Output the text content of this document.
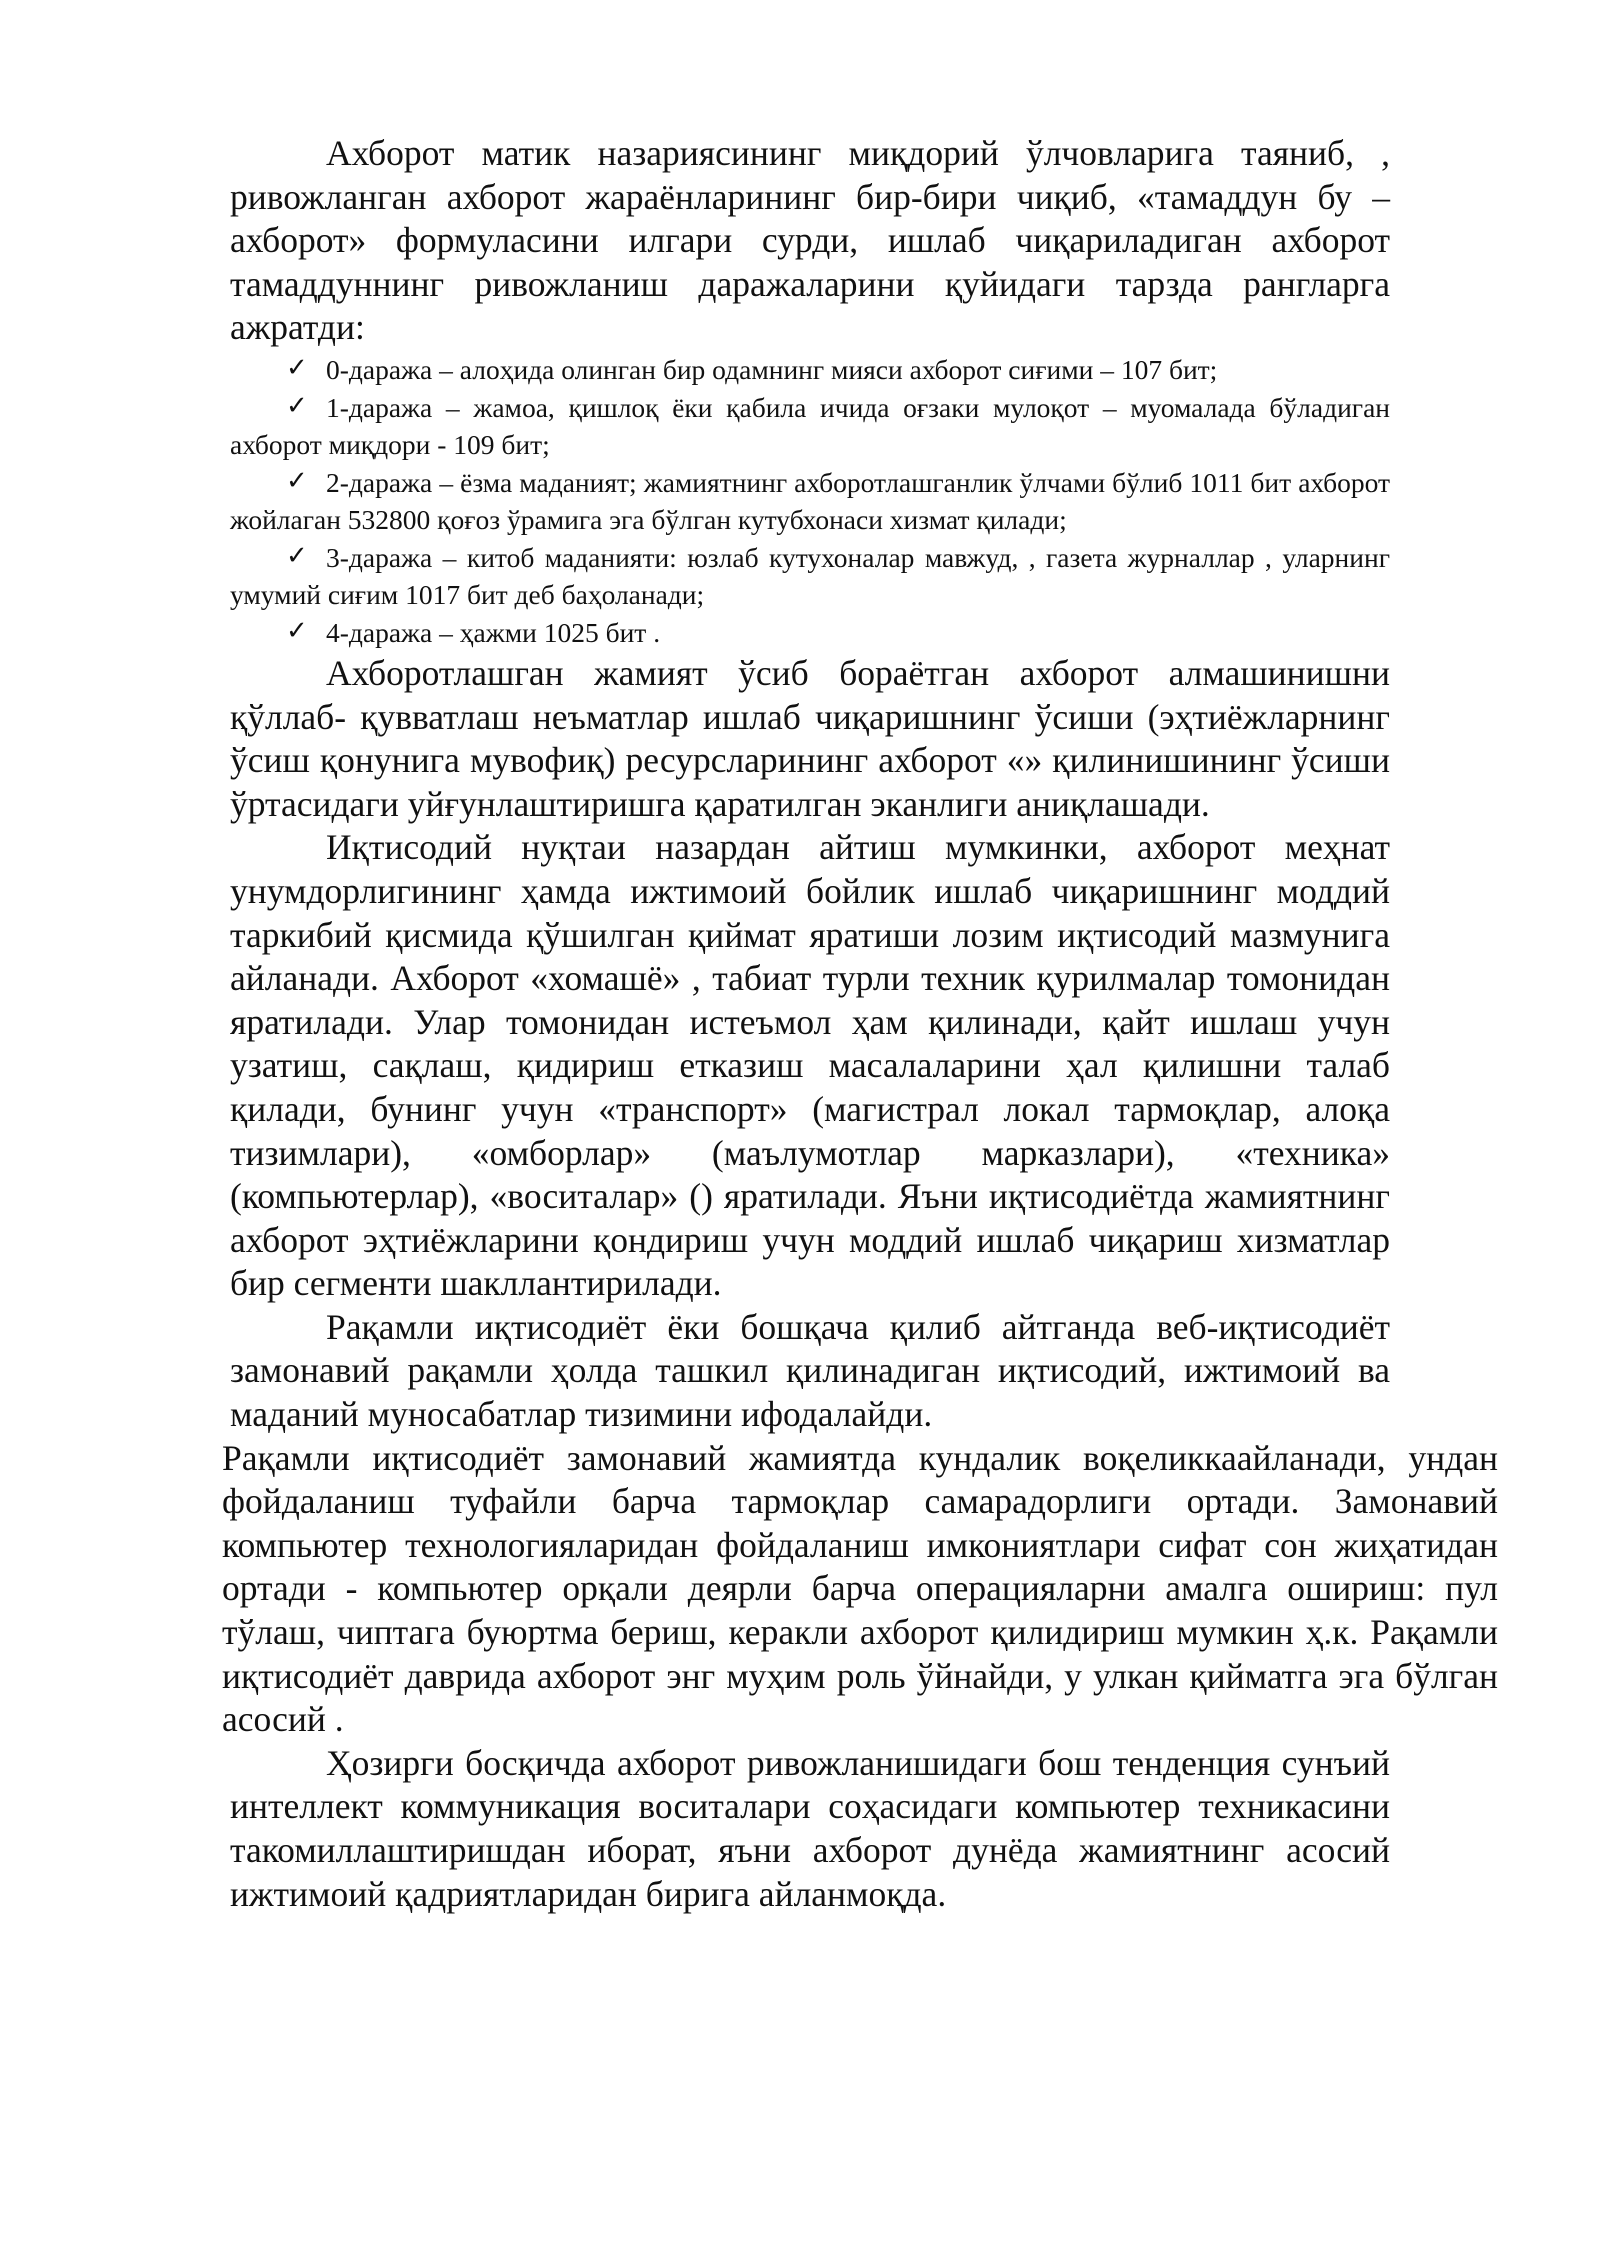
Ахборот матик назариясининг миқдорий ўлчовларига таяниб, , ривожланган ахборот жараёнларининг бир-бири чиқиб, «тамаддун бу – ахборот» формуласини илгари сурди, ишлаб чиқариладиган ахборот тамаддуннинг ривожланиш даражаларини қуйидаги тарзда рангларга ажратди:

✓ 0-даража – алоҳида олинган бир одамнинг мияси ахборот сиғими – 107 бит;
✓ 1-даража – жамоа, қишлоқ ёки қабила ичида оғзаки мулоқот – муомалада бўладиган ахборот миқдори - 109 бит;
✓ 2-даража – ёзма маданият; жамиятнинг ахборотлашганлик ўлчами бўлиб 1011 бит ахборот жойлаган 532800 қоғоз ўрамига эга бўлган кутубхонаси хизмат қилади;
✓ 3-даража – китоб маданияти: юзлаб кутухоналар мавжуд, , газета журналлар , уларнинг умумий сиғим 1017 бит деб баҳоланади;
✓ 4-даража – ҳажми 1025 бит .

Ахборотлашган жамият ўсиб бораётган ахборот алмашинишни қўллаб- қувватлаш неъматлар ишлаб чиқаришнинг ўсиши (эҳтиёжларнинг ўсиш қонунига мувофиқ) ресурсларининг ахборот «» қилинишининг ўсиши ўртасидаги уйғунлаштиришга қаратилган эканлиги аниқлашади.

Иқтисодий нуқтаи назардан айтиш мумкинки, ахборот меҳнат унумдорлигининг ҳамда ижтимоий бойлик ишлаб чиқаришнинг моддий таркибий қисмида қўшилган қиймат яратиши лозим иқтисодий мазмунига айланади. Ахборот «хомашё» , табиат турли техник қурилмалар томонидан яратилади. Улар томонидан истеъмол ҳам қилинади, қайт ишлаш учун узатиш, сақлаш, қидириш етказиш масалаларини ҳал қилишни талаб қилади, бунинг учун «транспорт» (магистрал локал тармоқлар, алоқа тизимлари), «омборлар» (маълумотлар марказлари), «техника» (компьютерлар), «воситалар» () яратилади. Яъни иқтисодиётда жамиятнинг ахборот эҳтиёжларини қондириш учун моддий ишлаб чиқариш хизматлар бир сегменти шакллантирилади.

Рақамли иқтисодиёт ёки бошқача қилиб айтганда веб-иқтисодиёт замонавий рақамли ҳолда ташкил қилинадиган иқтисодий, ижтимоий ва маданий муносабатлар тизимини ифодалайди.

Рақамли иқтисодиёт замонавий жамиятда кундалик воқеликкаайланади, ундан фойдаланиш туфайли барча тармоқлар самарадорлиги ортади. Замонавий компьютер технологияларидан фойдаланиш имкониятлари сифат сон жиҳатидан ортади - компьютер орқали деярли барча операцияларни амалга ошириш: пул тўлаш, чиптага буюртма бериш, керакли ахборот қилидириш мумкин ҳ.к. Рақамли иқтисодиёт даврида ахборот энг муҳим роль ўйнайди, у улкан қийматга эга бўлган асосий .

Ҳозирги босқичда ахборот ривожланишидаги бош тенденция сунъий интеллект коммуникация воситалари соҳасидаги компьютер техникасини такомиллаштиришдан иборат, яъни ахборот дунёда жамиятнинг асосий ижтимоий қадриятларидан бирига айланмоқда.
